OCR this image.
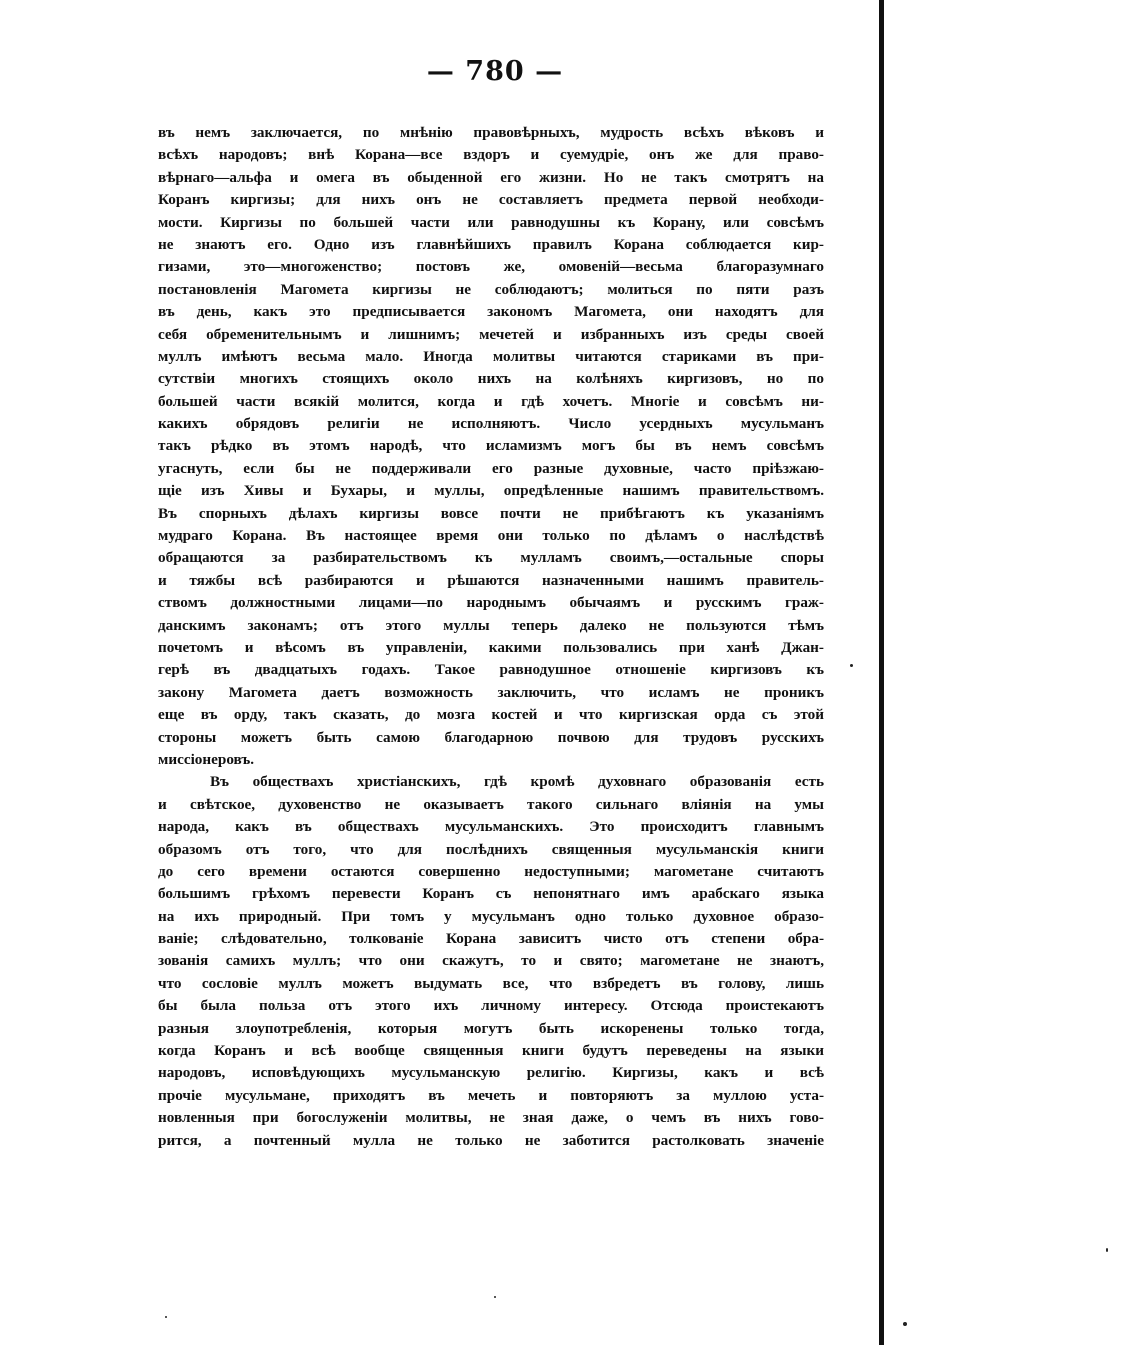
— 780 —
въ немъ заключается, по мнѣнію правовѣрныхъ, мудрость всѣхъ вѣковъ и
всѣхъ народовъ; внѣ Корана—все вздоръ и суемудріе, онъ же для право-
вѣрнаго—альфа и омега въ обыденной его жизни. Но не такъ смотрятъ на
Коранъ киргизы; для нихъ онъ не составляетъ предмета первой необходи-
мости. Киргизы по большей части или равнодушны къ Корану, или совсѣмъ
не знаютъ его. Одно изъ главнѣйшихъ правилъ Корана соблюдается кир-
гизами, это—многоженство; постовъ же, омовеній—весьма благоразумнаго
постановленія Магомета киргизы не соблюдаютъ; молиться по пяти разъ
въ день, какъ это предписывается закономъ Магомета, они находятъ для
себя обременительнымъ и лишнимъ; мечетей и избранныхъ изъ среды своей
муллъ имѣютъ весьма мало. Иногда молитвы читаются стариками въ при-
сутствіи многихъ стоящихъ около нихъ на колѣняхъ киргизовъ, но по
большей части всякій молится, когда и гдѣ хочетъ. Многіе и совсѣмъ ни-
какихъ обрядовъ религіи не исполняютъ. Число усердныхъ мусульманъ
такъ рѣдко въ этомъ народѣ, что исламизмъ могъ бы въ немъ совсѣмъ
угаснуть, если бы не поддерживали его разные духовные, часто пріѣзжаю-
щіе изъ Хивы и Бухары, и муллы, опредѣленные нашимъ правительствомъ.
Въ спорныхъ дѣлахъ киргизы вовсе почти не прибѣгаютъ къ указаніямъ
мудраго Корана. Въ настоящее время они только по дѣламъ о наслѣдствѣ
обращаются за разбирательствомъ къ мулламъ своимъ,—остальные споры
и тяжбы всѣ разбираются и рѣшаются назначенными нашимъ правитель-
ствомъ должностными лицами—по народнымъ обычаямъ и русскимъ граж-
данскимъ законамъ; отъ этого муллы теперь далеко не пользуются тѣмъ
почетомъ и вѣсомъ въ управленіи, какими пользовались при ханѣ Джан-
герѣ въ двадцатыхъ годахъ. Такое равнодушное отношеніе киргизовъ къ
закону Магомета даетъ возможность заключить, что исламъ не проникъ
еще въ орду, такъ сказать, до мозга костей и что киргизская орда съ этой
стороны можетъ быть самою благодарною почвою для трудовъ русскихъ
миссіонеровъ.
Въ обществахъ христіанскихъ, гдѣ кромѣ духовнаго образованія есть
и свѣтское, духовенство не оказываетъ такого сильнаго вліянія на умы
народа, какъ въ обществахъ мусульманскихъ. Это происходитъ главнымъ
образомъ отъ того, что для послѣднихъ священныя мусульманскія книги
до сего времени остаются совершенно недоступными; магометане считаютъ
большимъ грѣхомъ перевести Коранъ съ непонятнаго имъ арабскаго языка
на ихъ природный. При томъ у мусульманъ одно только духовное образо-
ваніе; слѣдовательно, толкованіе Корана зависитъ чисто отъ степени обра-
зованія самихъ муллъ; что они скажутъ, то и свято; магометане не знаютъ,
что сословіе муллъ можетъ выдумать все, что взбредетъ въ голову, лишь
бы была польза отъ этого ихъ личному интересу. Отсюда проистекаютъ
разныя злоупотребленія, которыя могутъ быть искоренены только тогда,
когда Коранъ и всѣ вообще священныя книги будутъ переведены на языки
народовъ, исповѣдующихъ мусульманскую религію. Киргизы, какъ и всѣ
прочіе мусульмане, приходятъ въ мечеть и повторяютъ за муллою уста-
новленныя при богослуженіи молитвы, не зная даже, о чемъ въ нихъ гово-
рится, а почтенный мулла не только не заботится растолковать значеніе
